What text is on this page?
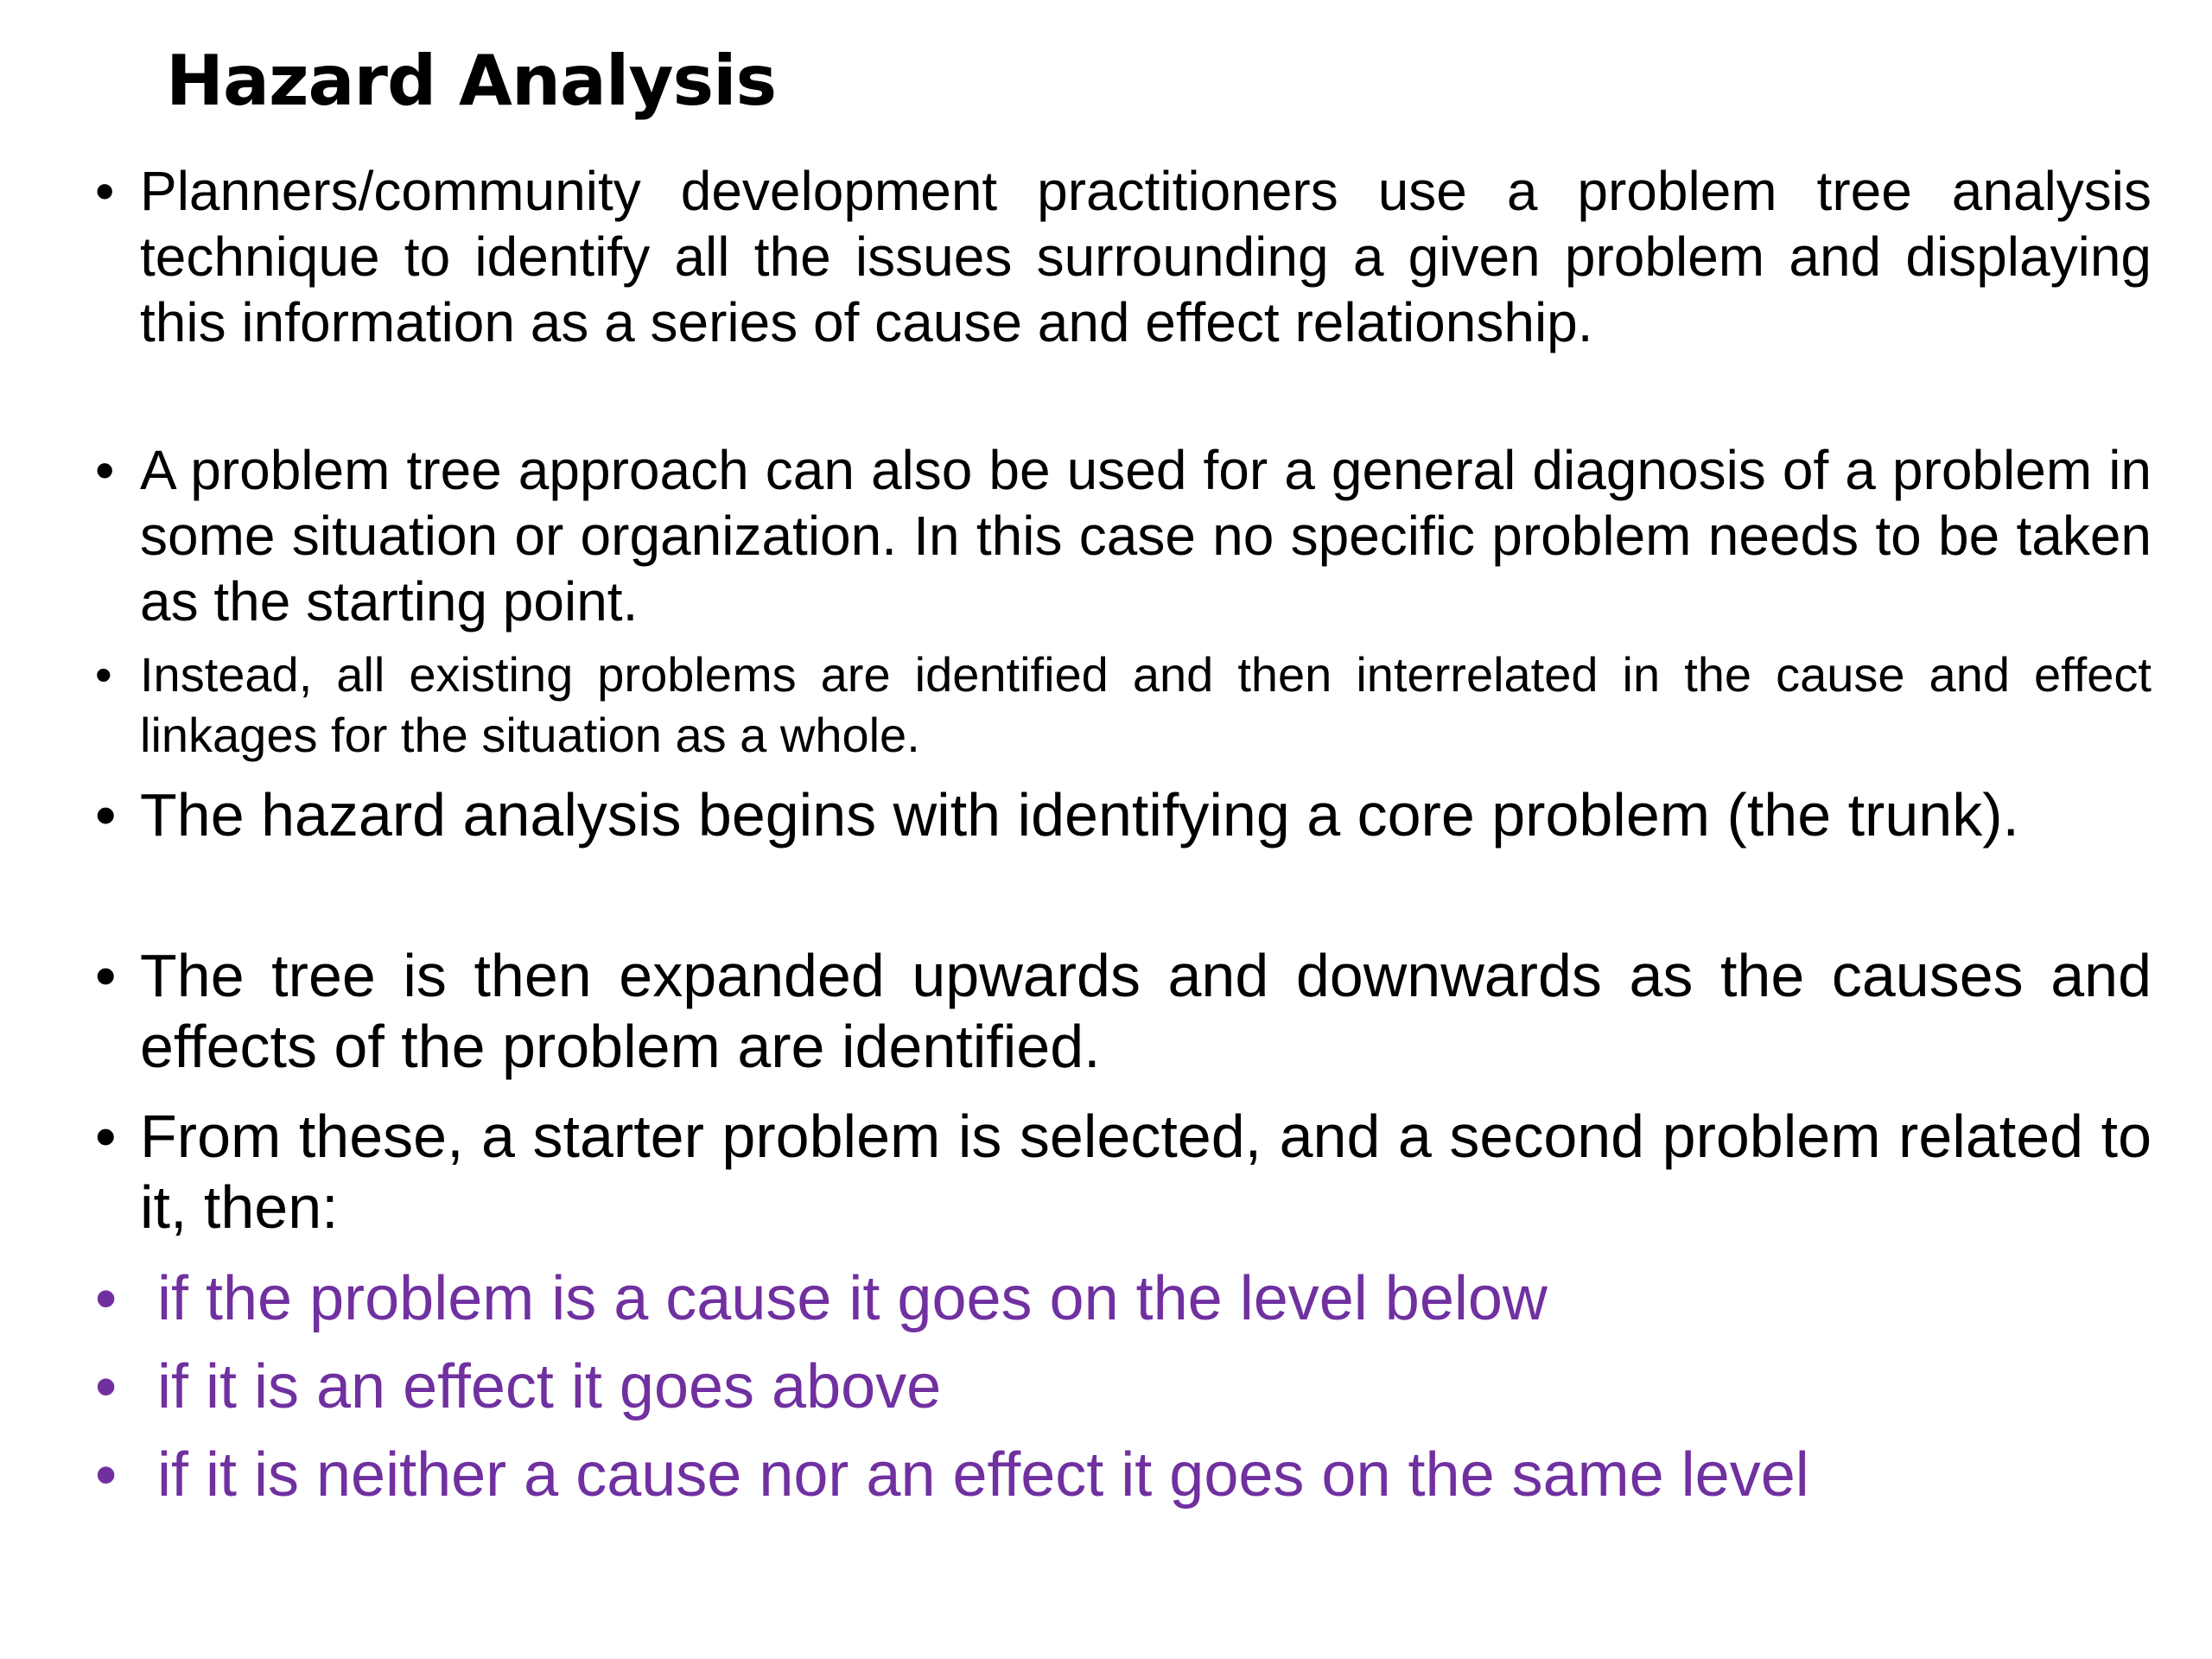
Hazard Analysis
• Planners/community development practitioners use a problem tree analysis technique to identify all the issues surrounding a given problem and displaying this information as a series of cause and effect relationship.
• A problem tree approach can also be used for a general diagnosis of a problem in some situation or organization. In this case no specific problem needs to be taken as the starting point.
• Instead, all existing problems are identified and then interrelated in the cause and effect linkages for the situation as a whole.
• The hazard analysis begins with identifying a core problem (the trunk).
• The tree is then expanded upwards and downwards as the causes and effects of the problem are identified.
• From these, a starter problem is selected, and a second problem related to it, then:
• if the problem is a cause it goes on the level below
• if it is an effect it goes above
• if it is neither a cause nor an effect it goes on the same level
